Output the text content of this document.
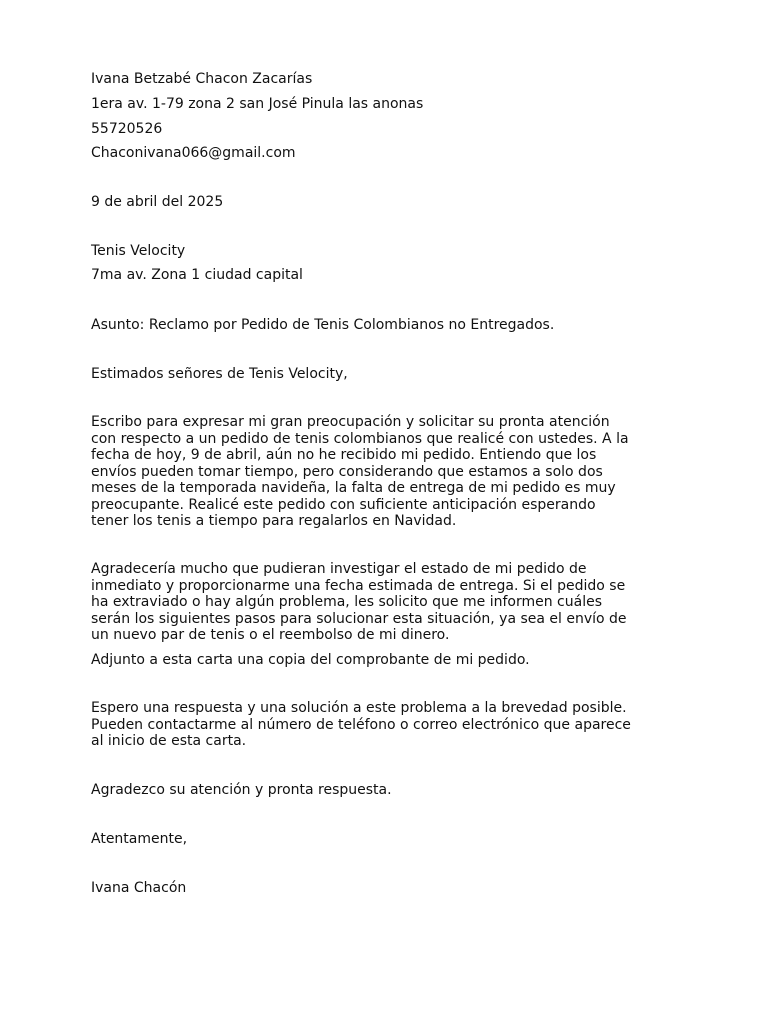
Ivana Betzabé Chacon Zacarías

1era av. 1-79 zona 2 san José Pinula las anonas

55720526

Chaconivana066@gmail.com

9 de abril del 2025

Tenis Velocity

7ma av. Zona 1 ciudad capital

Asunto: Reclamo por Pedido de Tenis Colombianos no Entregados.

Estimados señores de Tenis Velocity,

Escribo para expresar mi gran preocupación y solicitar su pronta atención
con respecto a un pedido de tenis colombianos que realicé con ustedes. A la
fecha de hoy, 9 de abril, aún no he recibido mi pedido. Entiendo que los
envíos pueden tomar tiempo, pero considerando que estamos a solo dos
meses de la temporada navideña, la falta de entrega de mi pedido es muy
preocupante. Realicé este pedido con suficiente anticipación esperando
tener los tenis a tiempo para regalarlos en Navidad.
Agradecería mucho que pudieran investigar el estado de mi pedido de
inmediato y proporcionarme una fecha estimada de entrega. Si el pedido se
ha extraviado o hay algún problema, les solicito que me informen cuáles
serán los siguientes pasos para solucionar esta situación, ya sea el envío de
un nuevo par de tenis o el reembolso de mi dinero.

Adjunto a esta carta una copia del comprobante de mi pedido.

Espero una respuesta y una solución a este problema a la brevedad posible.
Pueden contactarme al número de teléfono o correo electrónico que aparece
al inicio de esta carta.

Agradezco su atención y pronta respuesta.

Atentamente,

Ivana Chacón
